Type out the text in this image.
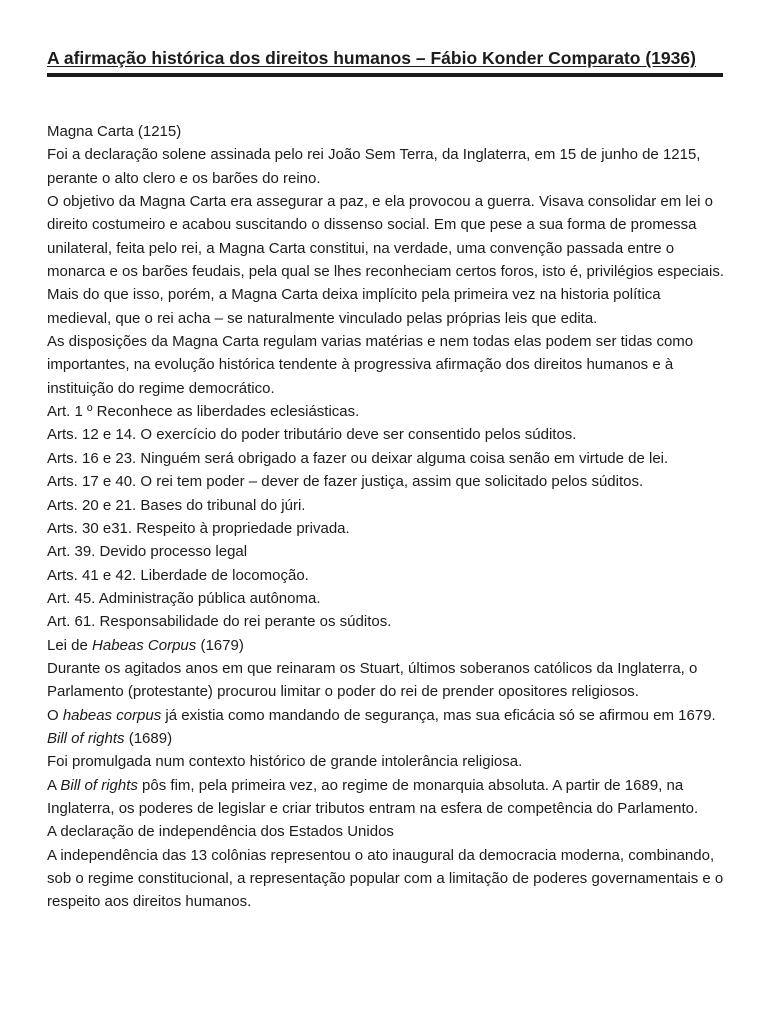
A afirmação histórica dos direitos humanos – Fábio Konder Comparato (1936)

Magna Carta (1215)

Foi a declaração solene assinada pelo rei João Sem Terra, da Inglaterra, em 15 de junho de 1215, perante o alto clero e os barões do reino.

O objetivo da Magna Carta era assegurar a paz, e ela provocou a guerra. Visava consolidar em lei o direito costumeiro e acabou suscitando o dissenso social. Em que pese a sua forma de promessa unilateral, feita pelo rei, a Magna Carta constitui, na verdade, uma convenção passada entre o monarca e os barões feudais, pela qual se lhes reconheciam certos foros, isto é, privilégios especiais. Mais do que isso, porém, a Magna Carta deixa implícito pela primeira vez na historia política medieval, que o rei acha – se naturalmente vinculado pelas próprias leis que edita.

As disposições da Magna Carta regulam varias matérias e nem todas elas podem ser tidas como importantes, na evolução histórica tendente à progressiva afirmação dos direitos humanos e à instituição do regime democrático.

Art. 1 º Reconhece as liberdades eclesiásticas.

Arts. 12 e 14. O exercício do poder tributário deve ser consentido pelos súditos.

Arts. 16 e 23. Ninguém será obrigado a fazer ou deixar alguma coisa senão em virtude de lei.

Arts. 17 e 40. O rei tem poder – dever de fazer justiça, assim que solicitado pelos súditos.

Arts. 20 e 21. Bases do tribunal do júri.

Arts. 30 e31. Respeito à propriedade privada.

Art. 39. Devido processo legal

Arts. 41 e 42. Liberdade de locomoção.

Art. 45. Administração pública autônoma.

Art. 61. Responsabilidade do rei perante os súditos.

Lei de Habeas Corpus (1679)

Durante os agitados anos em que reinaram os Stuart, últimos soberanos católicos da Inglaterra, o Parlamento (protestante) procurou limitar o poder do rei de prender opositores religiosos.

O habeas corpus já existia como mandando de segurança, mas sua eficácia só se afirmou em 1679.

Bill of rights (1689)

Foi promulgada num contexto histórico de grande intolerância religiosa.

A Bill of rights pôs fim, pela primeira vez, ao regime de monarquia absoluta. A partir de 1689, na Inglaterra, os poderes de legislar e criar tributos entram na esfera de competência do Parlamento.

A declaração de independência dos Estados Unidos

A independência das 13 colônias representou o ato inaugural da democracia moderna, combinando, sob o regime constitucional, a representação popular com a limitação de poderes governamentais e o respeito aos direitos humanos.
